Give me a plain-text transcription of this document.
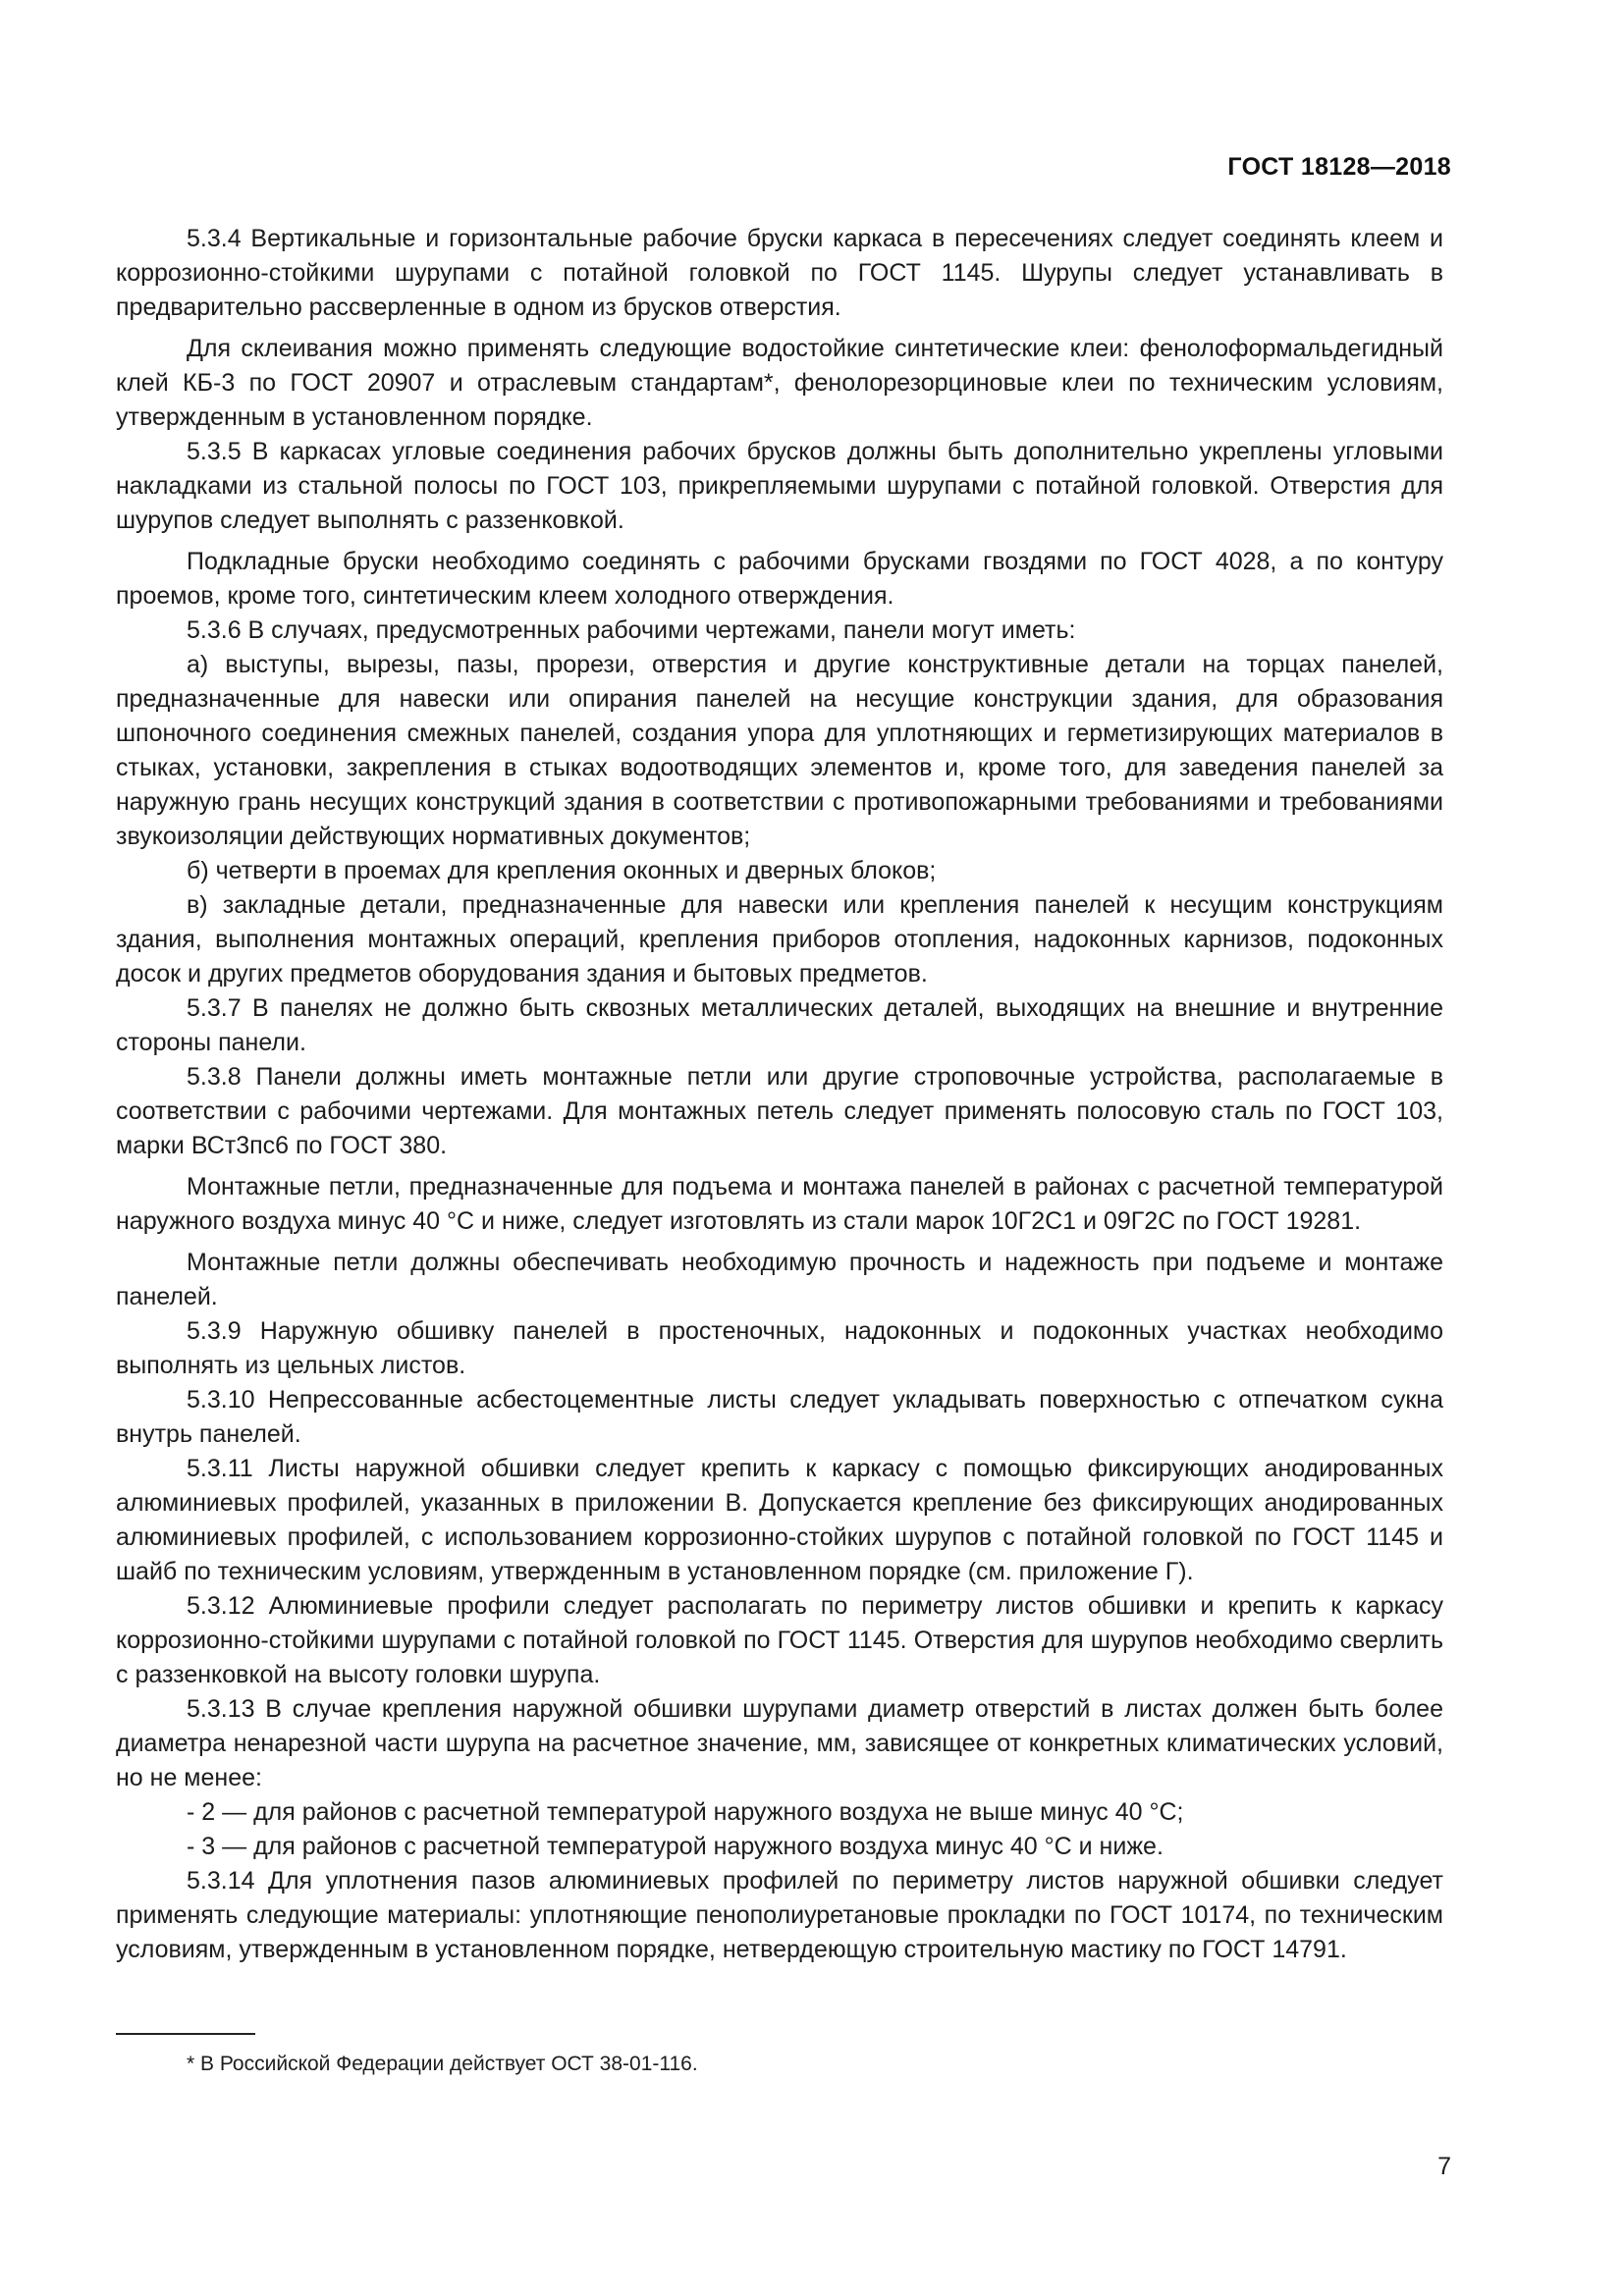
ГОСТ 18128—2018

5.3.4 Вертикальные и горизонтальные рабочие бруски каркаса в пересечениях следует соединять клеем и коррозионно-стойкими шурупами с потайной головкой по ГОСТ 1145. Шурупы следует устанавливать в предварительно рассверленные в одном из брусков отверстия.

Для склеивания можно применять следующие водостойкие синтетические клеи: фенолоформальдегидный клей КБ-3 по ГОСТ 20907 и отраслевым стандартам*, фенолорезорциновые клеи по техническим условиям, утвержденным в установленном порядке.

5.3.5 В каркасах угловые соединения рабочих брусков должны быть дополнительно укреплены угловыми накладками из стальной полосы по ГОСТ 103, прикрепляемыми шурупами с потайной головкой. Отверстия для шурупов следует выполнять с раззенковкой.

Подкладные бруски необходимо соединять с рабочими брусками гвоздями по ГОСТ 4028, а по контуру проемов, кроме того, синтетическим клеем холодного отверждения.

5.3.6 В случаях, предусмотренных рабочими чертежами, панели могут иметь:

а) выступы, вырезы, пазы, прорези, отверстия и другие конструктивные детали на торцах панелей, предназначенные для навески или опирания панелей на несущие конструкции здания, для образования шпоночного соединения смежных панелей, создания упора для уплотняющих и герметизирующих материалов в стыках, установки, закрепления в стыках водоотводящих элементов и, кроме того, для заведения панелей за наружную грань несущих конструкций здания в соответствии с противопожарными требованиями и требованиями звукоизоляции действующих нормативных документов;

б) четверти в проемах для крепления оконных и дверных блоков;

в) закладные детали, предназначенные для навески или крепления панелей к несущим конструкциям здания, выполнения монтажных операций, крепления приборов отопления, надоконных карнизов, подоконных досок и других предметов оборудования здания и бытовых предметов.

5.3.7 В панелях не должно быть сквозных металлических деталей, выходящих на внешние и внутренние стороны панели.

5.3.8 Панели должны иметь монтажные петли или другие строповочные устройства, располагаемые в соответствии с рабочими чертежами. Для монтажных петель следует применять полосовую сталь по ГОСТ 103, марки ВСт3пс6 по ГОСТ 380.

Монтажные петли, предназначенные для подъема и монтажа панелей в районах с расчетной температурой наружного воздуха минус 40 °С и ниже, следует изготовлять из стали марок 10Г2С1 и 09Г2С по ГОСТ 19281.

Монтажные петли должны обеспечивать необходимую прочность и надежность при подъеме и монтаже панелей.

5.3.9 Наружную обшивку панелей в простеночных, надоконных и подоконных участках необходимо выполнять из цельных листов.

5.3.10 Непрессованные асбестоцементные листы следует укладывать поверхностью с отпечатком сукна внутрь панелей.

5.3.11 Листы наружной обшивки следует крепить к каркасу с помощью фиксирующих анодированных алюминиевых профилей, указанных в приложении В. Допускается крепление без фиксирующих анодированных алюминиевых профилей, с использованием коррозионно-стойких шурупов с потайной головкой по ГОСТ 1145 и шайб по техническим условиям, утвержденным в установленном порядке (см. приложение Г).

5.3.12 Алюминиевые профили следует располагать по периметру листов обшивки и крепить к каркасу коррозионно-стойкими шурупами с потайной головкой по ГОСТ 1145. Отверстия для шурупов необходимо сверлить с раззенковкой на высоту головки шурупа.

5.3.13 В случае крепления наружной обшивки шурупами диаметр отверстий в листах должен быть более диаметра ненарезной части шурупа на расчетное значение, мм, зависящее от конкретных климатических условий, но не менее:

- 2 — для районов с расчетной температурой наружного воздуха не выше минус 40 °С;

- 3 — для районов с расчетной температурой наружного воздуха минус 40 °С и ниже.

5.3.14 Для уплотнения пазов алюминиевых профилей по периметру листов наружной обшивки следует применять следующие материалы: уплотняющие пенополиуретановые прокладки по ГОСТ 10174, по техническим условиям, утвержденным в установленном порядке, нетвердеющую строительную мастику по ГОСТ 14791.

* В Российской Федерации действует ОСТ 38-01-116.
7
